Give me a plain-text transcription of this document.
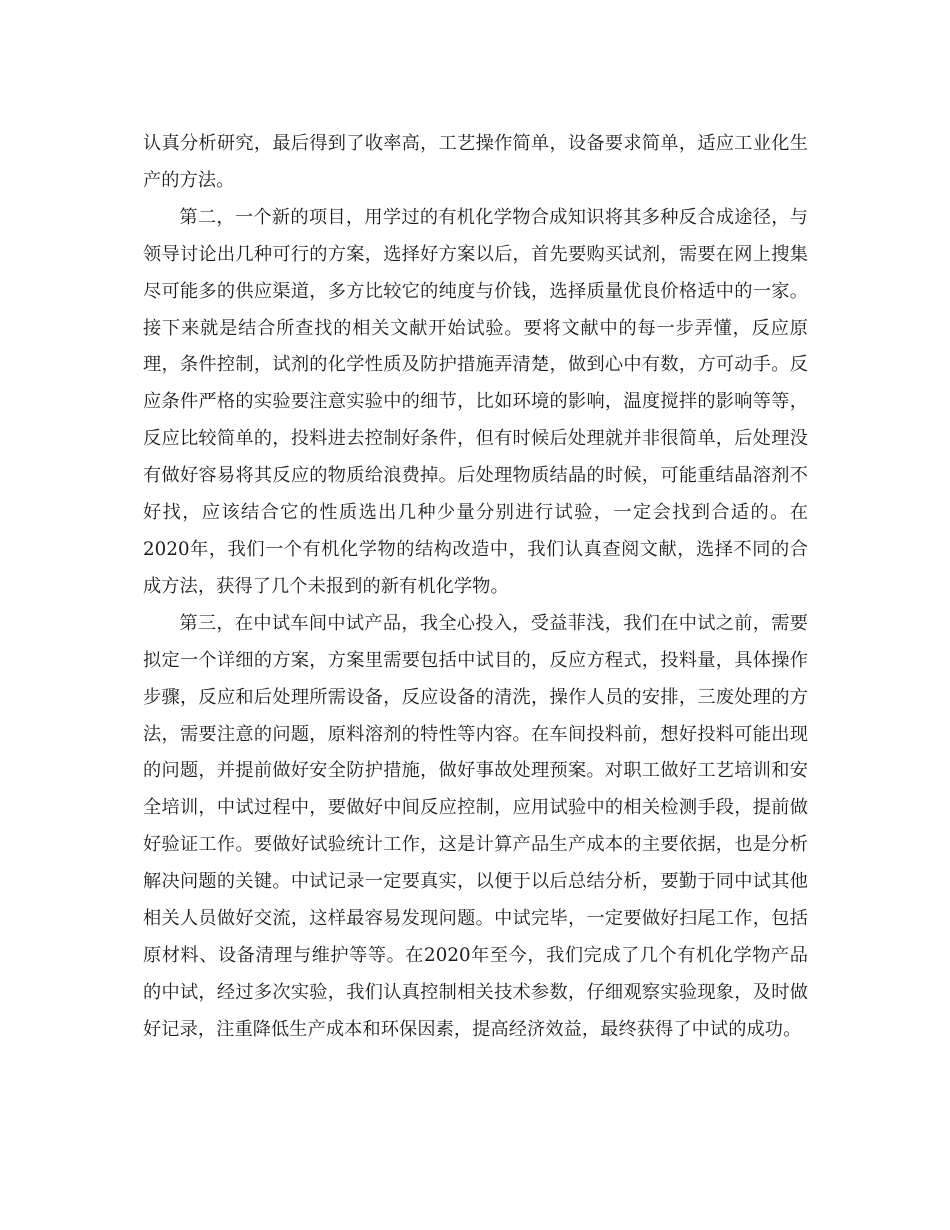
认真分析研究，最后得到了收率高，工艺操作简单，设备要求简单，适应工业化生产的方法。

第二，一个新的项目，用学过的有机化学物合成知识将其多种反合成途径，与领导讨论出几种可行的方案，选择好方案以后，首先要购买试剂，需要在网上搜集尽可能多的供应渠道，多方比较它的纯度与价钱，选择质量优良价格适中的一家。接下来就是结合所查找的相关文献开始试验。要将文献中的每一步弄懂，反应原理，条件控制，试剂的化学性质及防护措施弄清楚，做到心中有数，方可动手。反应条件严格的实验要注意实验中的细节，比如环境的影响，温度搅拌的影响等等，反应比较简单的，投料进去控制好条件，但有时候后处理就并非很简单，后处理没有做好容易将其反应的物质给浪费掉。后处理物质结晶的时候，可能重结晶溶剂不好找，应该结合它的性质选出几种少量分别进行试验，一定会找到合适的。在2020年，我们一个有机化学物的结构改造中，我们认真查阅文献，选择不同的合成方法，获得了几个未报到的新有机化学物。

第三，在中试车间中试产品，我全心投入，受益菲浅，我们在中试之前，需要拟定一个详细的方案，方案里需要包括中试目的，反应方程式，投料量，具体操作步骤，反应和后处理所需设备，反应设备的清洗，操作人员的安排，三废处理的方法，需要注意的问题，原料溶剂的特性等内容。在车间投料前，想好投料可能出现的问题，并提前做好安全防护措施，做好事故处理预案。对职工做好工艺培训和安全培训，中试过程中，要做好中间反应控制，应用试验中的相关检测手段，提前做好验证工作。要做好试验统计工作，这是计算产品生产成本的主要依据，也是分析解决问题的关键。中试记录一定要真实，以便于以后总结分析，要勤于同中试其他相关人员做好交流，这样最容易发现问题。中试完毕，一定要做好扫尾工作，包括原材料、设备清理与维护等等。在2020年至今，我们完成了几个有机化学物产品的中试，经过多次实验，我们认真控制相关技术参数，仔细观察实验现象，及时做好记录，注重降低生产成本和环保因素，提高经济效益，最终获得了中试的成功。
